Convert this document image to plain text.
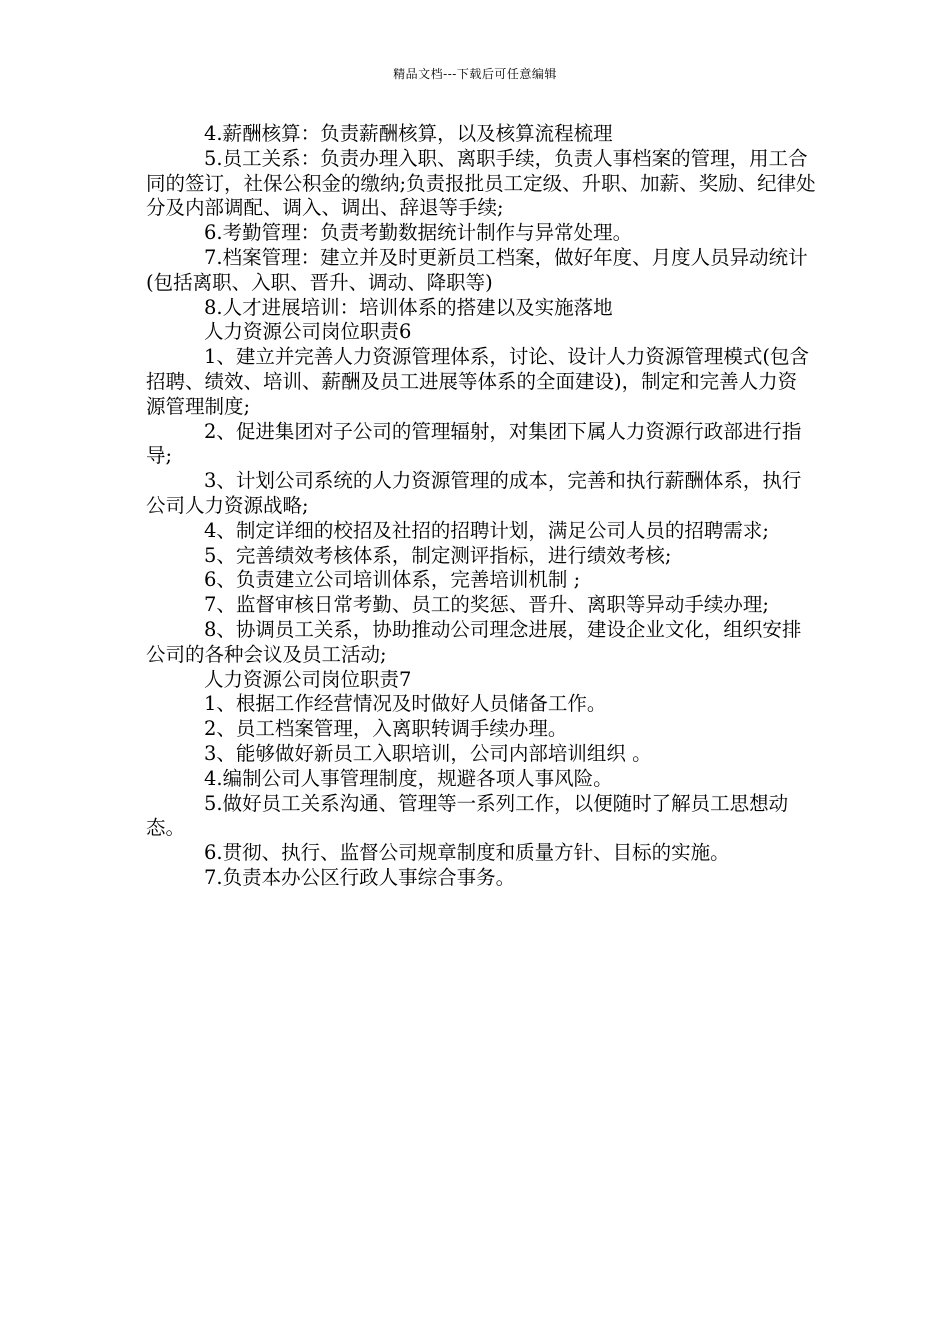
精品文档---下载后可任意编辑

4.薪酬核算：负责薪酬核算，以及核算流程梳理

5.员工关系：负责办理入职、离职手续，负责人事档案的管理，用工合同的签订，社保公积金的缴纳;负责报批员工定级、升职、加薪、奖励、纪律处分及内部调配、调入、调出、辞退等手续;

6.考勤管理：负责考勤数据统计制作与异常处理。

7.档案管理：建立并及时更新员工档案，做好年度、月度人员异动统计(包括离职、入职、晋升、调动、降职等)

8.人才进展培训：培训体系的搭建以及实施落地

人力资源公司岗位职责6

1、建立并完善人力资源管理体系，讨论、设计人力资源管理模式(包含招聘、绩效、培训、薪酬及员工进展等体系的全面建设)，制定和完善人力资源管理制度;

2、促进集团对子公司的管理辐射，对集团下属人力资源行政部进行指导;

3、计划公司系统的人力资源管理的成本，完善和执行薪酬体系，执行公司人力资源战略;

4、制定详细的校招及社招的招聘计划，满足公司人员的招聘需求;

5、完善绩效考核体系，制定测评指标，进行绩效考核;

6、负责建立公司培训体系，完善培训机制 ;

7、监督审核日常考勤、员工的奖惩、晋升、离职等异动手续办理;

8、协调员工关系，协助推动公司理念进展，建设企业文化，组织安排公司的各种会议及员工活动;

人力资源公司岗位职责7

1、根据工作经营情况及时做好人员储备工作。

2、员工档案管理，入离职转调手续办理。

3、能够做好新员工入职培训，公司内部培训组织 。

4.编制公司人事管理制度，规避各项人事风险。

5.做好员工关系沟通、管理等一系列工作，以便随时了解员工思想动态。

6.贯彻、执行、监督公司规章制度和质量方针、目标的实施。

7.负责本办公区行政人事综合事务。
